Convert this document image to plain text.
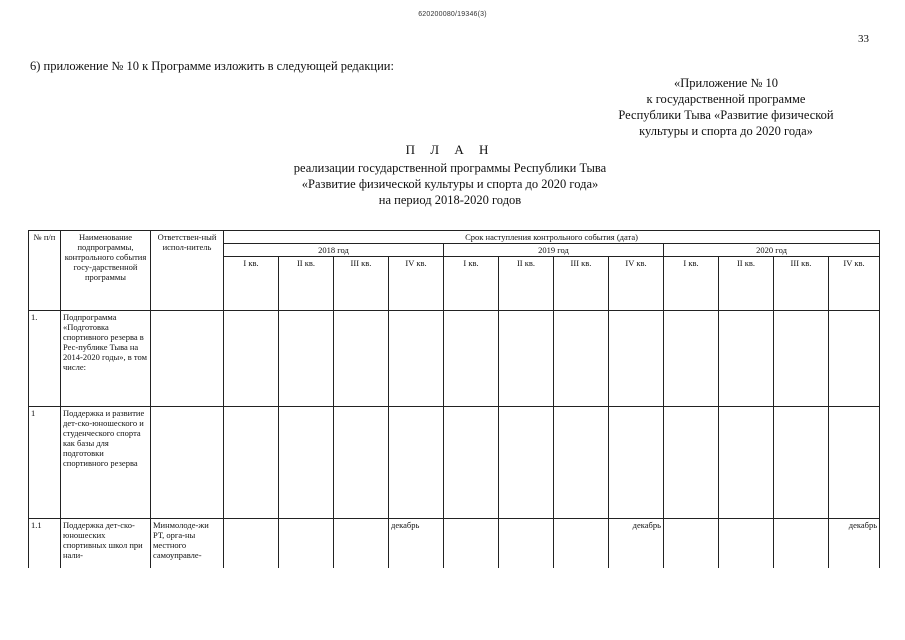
620200080/19346(3)
33
6) приложение № 10 к Программе изложить в следующей редакции:
«Приложение № 10
к государственной программе
Республики Тыва «Развитие физической
культуры и спорта до 2020 года»
П Л А Н
реализации государственной программы Республики Тыва
«Развитие физической культуры и спорта до 2020 года»
на период 2018-2020 годов
№ п/п	Наименование подпрограммы, контрольного события госу-дарственной программы	Ответствен-ный испол-нитель	Срок наступления контрольного события (дата)											
			2018 год				2019 год				2020 год			
			I кв.	II кв.	III кв.	IV кв.	I кв.	II кв.	III кв.	IV кв.	I кв.	II кв.	III кв.	IV кв.
1.	Подпрограмма «Подготовка спортивного резерва в Рес-публике Тыва на 2014-2020 годы», в том числе:													
1	Поддержка и развитие дет-ско-юношеского и студенческого спорта как базы для подготовки спортивного резерва													
1.1	Поддержка дет-ско-юношеских спортивных школ при нали-	Минмолоде-жи РТ, орга-ны местного самоуправле-				декабрь				декабрь				декабрь
